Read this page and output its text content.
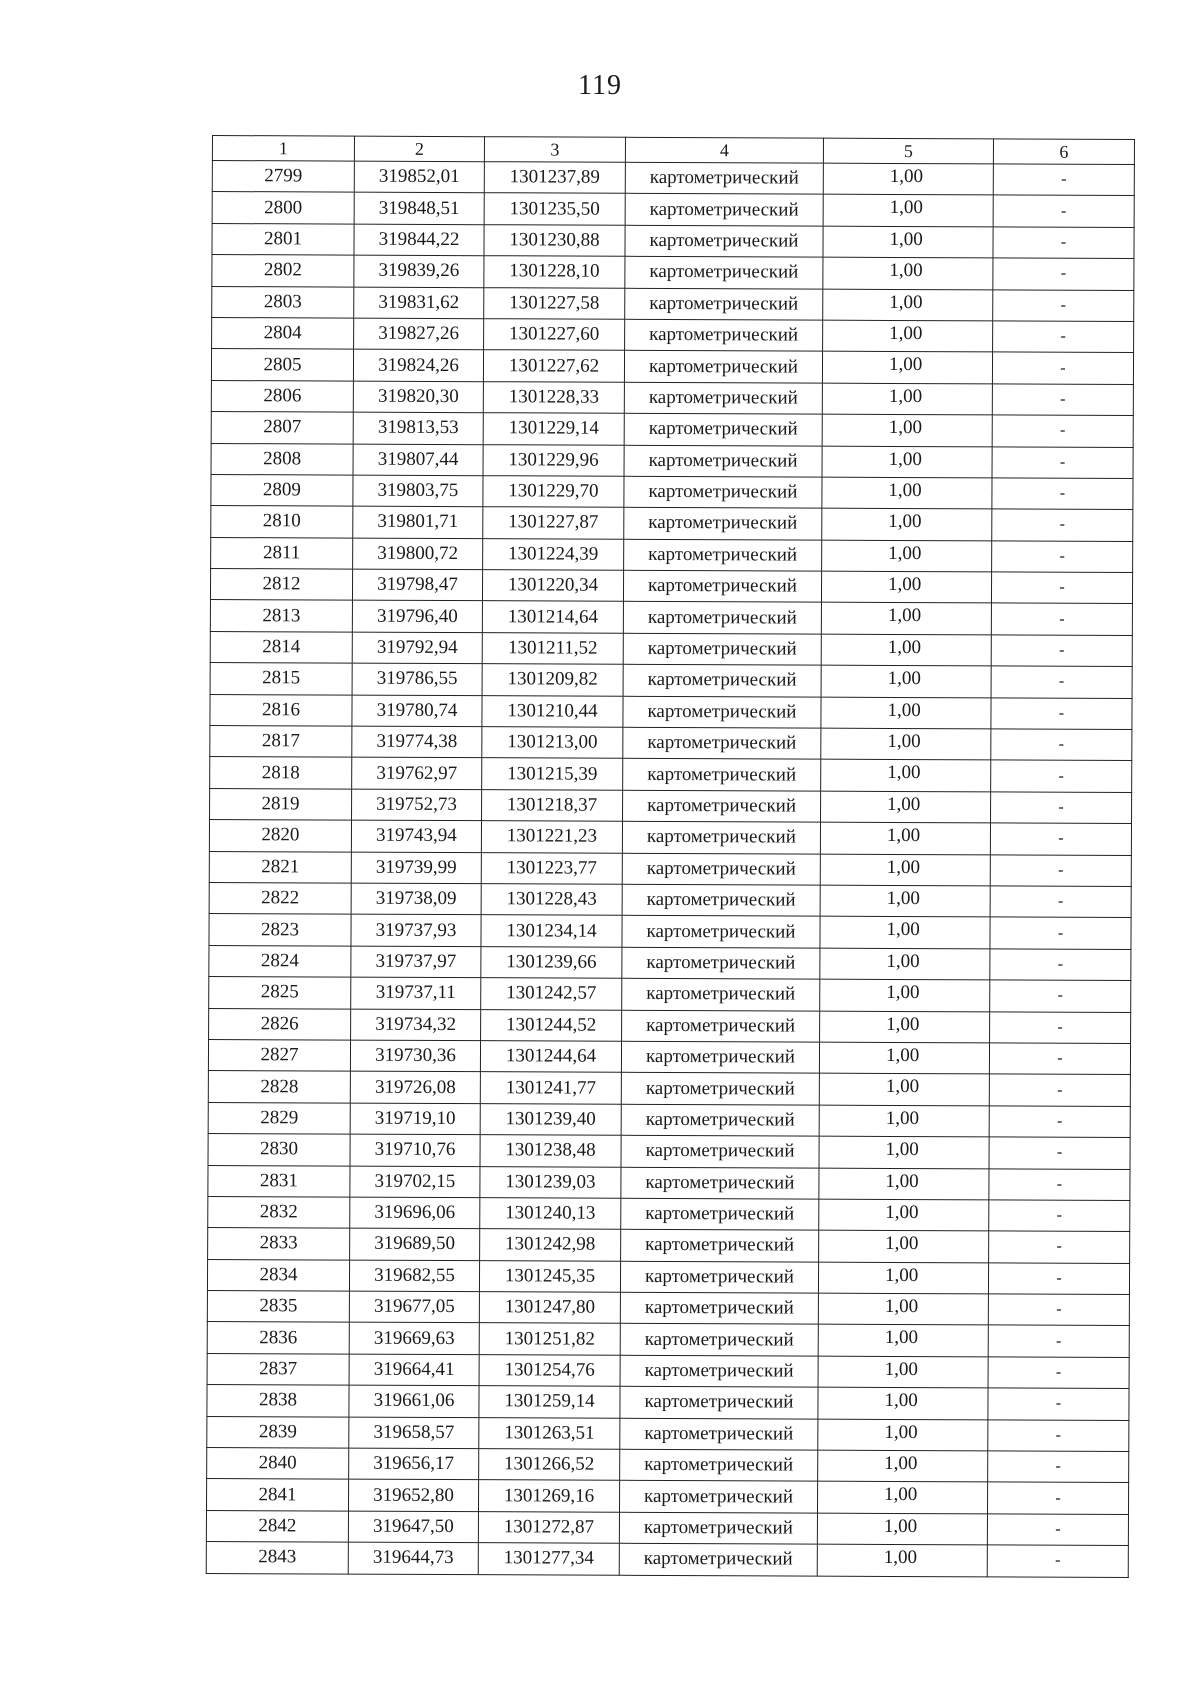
119
1	2	3	4	5	6
2799	319852,01	1301237,89	картометрический	1,00	-
2800	319848,51	1301235,50	картометрический	1,00	-
2801	319844,22	1301230,88	картометрический	1,00	-
2802	319839,26	1301228,10	картометрический	1,00	-
2803	319831,62	1301227,58	картометрический	1,00	-
2804	319827,26	1301227,60	картометрический	1,00	-
2805	319824,26	1301227,62	картометрический	1,00	-
2806	319820,30	1301228,33	картометрический	1,00	-
2807	319813,53	1301229,14	картометрический	1,00	-
2808	319807,44	1301229,96	картометрический	1,00	-
2809	319803,75	1301229,70	картометрический	1,00	-
2810	319801,71	1301227,87	картометрический	1,00	-
2811	319800,72	1301224,39	картометрический	1,00	-
2812	319798,47	1301220,34	картометрический	1,00	-
2813	319796,40	1301214,64	картометрический	1,00	-
2814	319792,94	1301211,52	картометрический	1,00	-
2815	319786,55	1301209,82	картометрический	1,00	-
2816	319780,74	1301210,44	картометрический	1,00	-
2817	319774,38	1301213,00	картометрический	1,00	-
2818	319762,97	1301215,39	картометрический	1,00	-
2819	319752,73	1301218,37	картометрический	1,00	-
2820	319743,94	1301221,23	картометрический	1,00	-
2821	319739,99	1301223,77	картометрический	1,00	-
2822	319738,09	1301228,43	картометрический	1,00	-
2823	319737,93	1301234,14	картометрический	1,00	-
2824	319737,97	1301239,66	картометрический	1,00	-
2825	319737,11	1301242,57	картометрический	1,00	-
2826	319734,32	1301244,52	картометрический	1,00	-
2827	319730,36	1301244,64	картометрический	1,00	-
2828	319726,08	1301241,77	картометрический	1,00	-
2829	319719,10	1301239,40	картометрический	1,00	-
2830	319710,76	1301238,48	картометрический	1,00	-
2831	319702,15	1301239,03	картометрический	1,00	-
2832	319696,06	1301240,13	картометрический	1,00	-
2833	319689,50	1301242,98	картометрический	1,00	-
2834	319682,55	1301245,35	картометрический	1,00	-
2835	319677,05	1301247,80	картометрический	1,00	-
2836	319669,63	1301251,82	картометрический	1,00	-
2837	319664,41	1301254,76	картометрический	1,00	-
2838	319661,06	1301259,14	картометрический	1,00	-
2839	319658,57	1301263,51	картометрический	1,00	-
2840	319656,17	1301266,52	картометрический	1,00	-
2841	319652,80	1301269,16	картометрический	1,00	-
2842	319647,50	1301272,87	картометрический	1,00	-
2843	319644,73	1301277,34	картометрический	1,00	-
